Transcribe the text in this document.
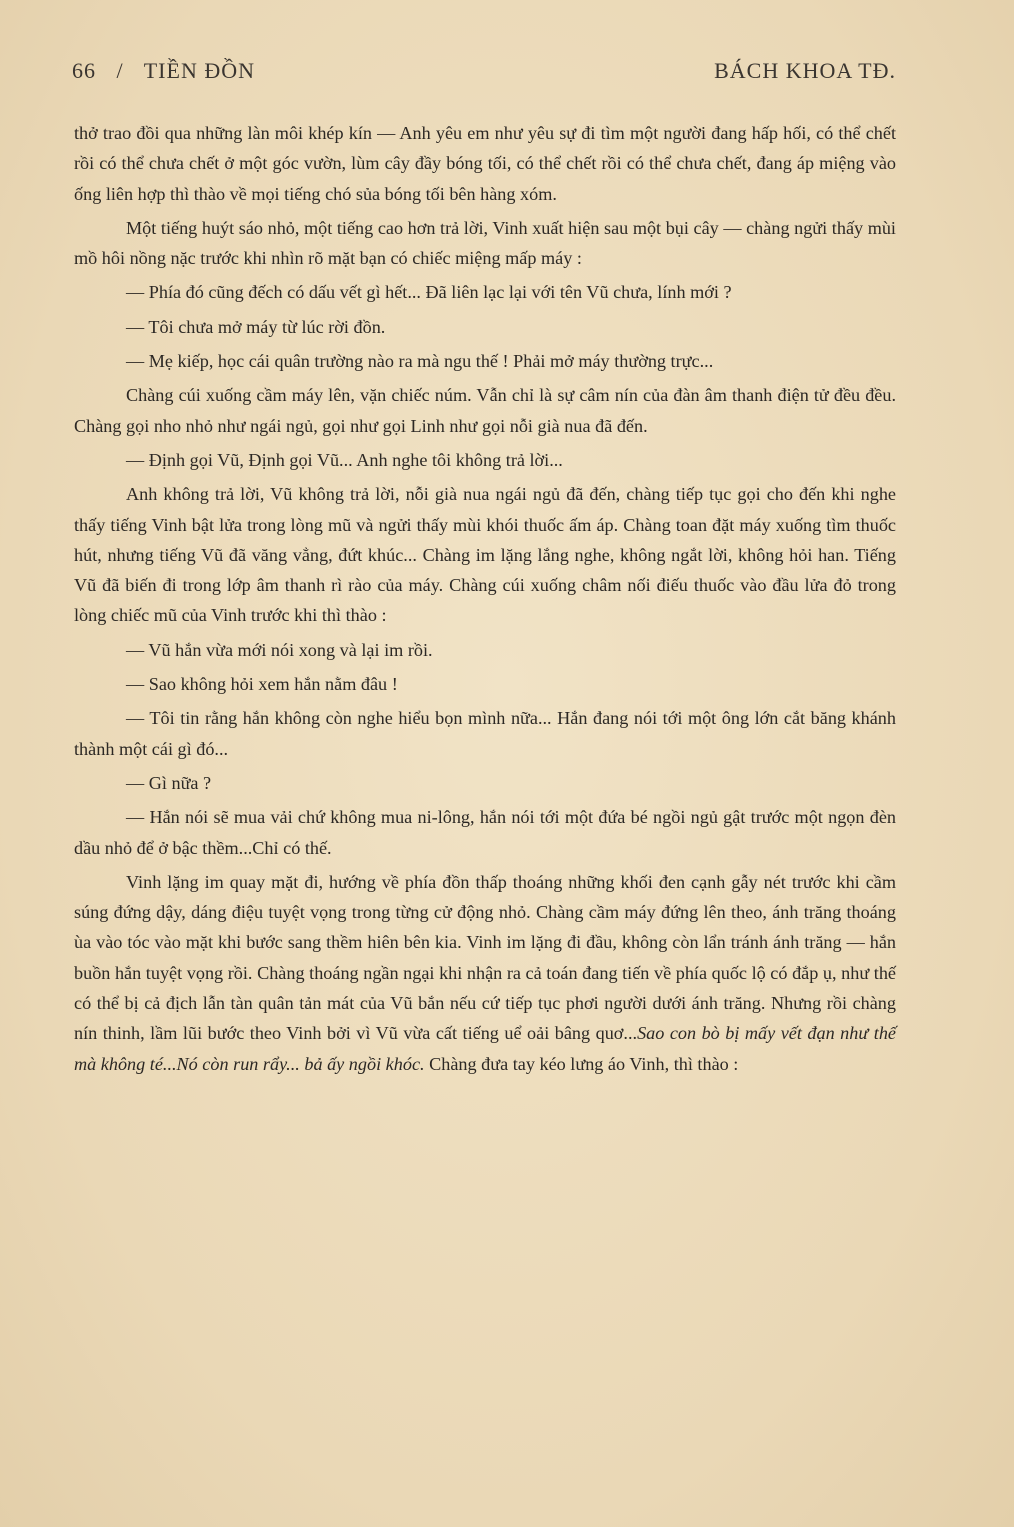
66 / TIỀN ĐỒN	BÁCH KHOA TĐ.

thở trao đồi qua những làn môi khép kín — Anh yêu em như yêu sự đi tìm một người đang hấp hối, có thể chết rồi có thể chưa chết ở một góc vườn, lùm cây đầy bóng tối, có thể chết rồi có thể chưa chết, đang áp miệng vào ống liên hợp thì thào về mọi tiếng chó sủa bóng tối bên hàng xóm.

Một tiếng huýt sáo nhỏ, một tiếng cao hơn trả lời, Vinh xuất hiện sau một bụi cây — chàng ngửi thấy mùi mồ hôi nồng nặc trước khi nhìn rõ mặt bạn có chiếc miệng mấp máy :

— Phía đó cũng đếch có dấu vết gì hết... Đã liên lạc lại với tên Vũ chưa, lính mới ?

— Tôi chưa mở máy từ lúc rời đồn.

— Mẹ kiếp, học cái quân trường nào ra mà ngu thế ! Phải mở máy thường trực...

Chàng cúi xuống cầm máy lên, vặn chiếc núm. Vẫn chỉ là sự câm nín của đàn âm thanh điện tử đều đều. Chàng gọi nho nhỏ như ngái ngủ, gọi như gọi Linh như gọi nỗi già nua đã đến.

— Định gọi Vũ, Định gọi Vũ... Anh nghe tôi không trả lời...

Anh không trả lời, Vũ không trả lời, nỗi già nua ngái ngủ đã đến, chàng tiếp tục gọi cho đến khi nghe thấy tiếng Vinh bật lửa trong lòng mũ và ngửi thấy mùi khói thuốc ấm áp. Chàng toan đặt máy xuống tìm thuốc hút, nhưng tiếng Vũ đã văng vẳng, đứt khúc... Chàng im lặng lắng nghe, không ngắt lời, không hỏi han. Tiếng Vũ đã biến đi trong lớp âm thanh rì rào của máy. Chàng cúi xuống châm nối điếu thuốc vào đầu lửa đỏ trong lòng chiếc mũ của Vinh trước khi thì thào :

— Vũ hắn vừa mới nói xong và lại im rồi.

— Sao không hỏi xem hắn nằm đâu !

— Tôi tin rằng hắn không còn nghe hiểu bọn mình nữa... Hắn đang nói tới một ông lớn cắt băng khánh thành một cái gì đó...

— Gì nữa ?

— Hắn nói sẽ mua vải chứ không mua ni-lông, hắn nói tới một đứa bé ngồi ngủ gật trước một ngọn đèn dầu nhỏ để ở bậc thềm...Chỉ có thế.

Vinh lặng im quay mặt đi, hướng về phía đồn thấp thoáng những khối đen cạnh gẫy nét trước khi cầm súng đứng dậy, dáng điệu tuyệt vọng trong từng cử động nhỏ. Chàng cầm máy đứng lên theo, ánh trăng thoáng ùa vào tóc vào mặt khi bước sang thềm hiên bên kia. Vinh im lặng đi đầu, không còn lẩn tránh ánh trăng — hắn buồn hắn tuyệt vọng rồi. Chàng thoáng ngần ngại khi nhận ra cả toán đang tiến về phía quốc lộ có đắp ụ, như thế có thể bị cả địch lẫn tàn quân tản mát của Vũ bắn nếu cứ tiếp tục phơi người dưới ánh trăng. Nhưng rồi chàng nín thinh, lầm lũi bước theo Vinh bởi vì Vũ vừa cất tiếng uể oải bâng quơ...Sao con bò bị mấy vết đạn như thế mà không té...Nó còn run rẩy... bả ấy ngồi khóc. Chàng đưa tay kéo lưng áo Vinh, thì thào :
